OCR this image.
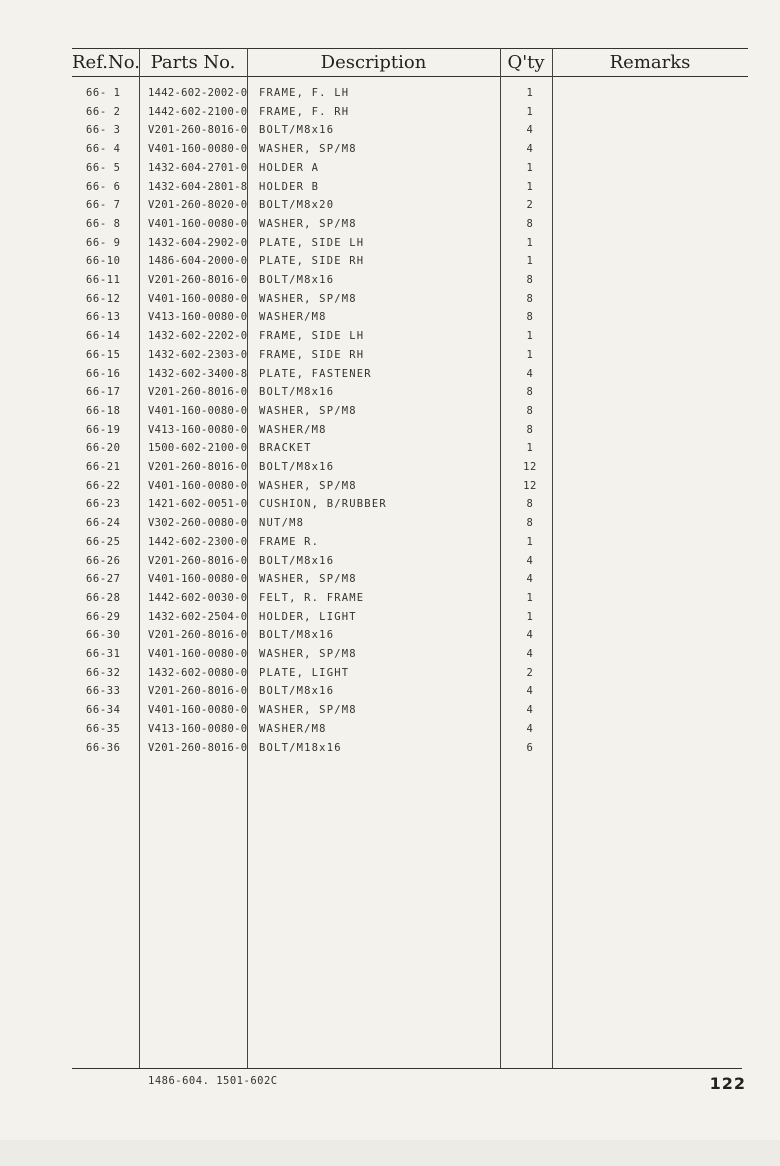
Ref.No. Parts No.	Description	Q'ty	Remarks
66- 1	1442-602-2002-0 FRAME, F. LH	1
66- 2	1442-602-2100-0 FRAME, F. RH	1
66- 3	V201-260-8016-0 BOLT/M8x16	4
66- 4	V401-160-0080-0 WASHER, SP/M8	4
66- 5	1432-604-2701-0 HOLDER A	1
66- 6	1432-604-2801-8 HOLDER B	1
66- 7	V201-260-8020-0 BOLT/M8x20	2
66- 8	V401-160-0080-0 WASHER, SP/M8	8
66- 9	1432-604-2902-0 PLATE, SIDE LH	1
66-10	1486-604-2000-0 PLATE, SIDE RH	1
66-11	V201-260-8016-0 BOLT/M8x16	8
66-12	V401-160-0080-0 WASHER, SP/M8	8
66-13	V413-160-0080-0 WASHER/M8	8
66-14	1432-602-2202-0 FRAME, SIDE LH	1
66-15	1432-602-2303-0 FRAME, SIDE RH	1
66-16	1432-602-3400-8 PLATE, FASTENER	4
66-17	V201-260-8016-0 BOLT/M8x16	8
66-18	V401-160-0080-0 WASHER, SP/M8	8
66-19	V413-160-0080-0 WASHER/M8	8
66-20	1500-602-2100-0 BRACKET	1
66-21	V201-260-8016-0 BOLT/M8x16	12
66-22	V401-160-0080-0 WASHER, SP/M8	12
66-23	1421-602-0051-0 CUSHION, B/RUBBER	8
66-24	V302-260-0080-0 NUT/M8	8
66-25	1442-602-2300-0 FRAME R.	1
66-26	V201-260-8016-0 BOLT/M8x16	4
66-27	V401-160-0080-0 WASHER, SP/M8	4
66-28	1442-602-0030-0 FELT, R. FRAME	1
66-29	1432-602-2504-0 HOLDER, LIGHT	1
66-30	V201-260-8016-0 BOLT/M8x16	4
66-31	V401-160-0080-0 WASHER, SP/M8	4
66-32	1432-602-0080-0 PLATE, LIGHT	2
66-33	V201-260-8016-0 BOLT/M8x16	4
66-34	V401-160-0080-0 WASHER, SP/M8	4
66-35	V413-160-0080-0 WASHER/M8	4
66-36	V201-260-8016-0 BOLT/M18x16	6
1486-604. 1501-602C	122
